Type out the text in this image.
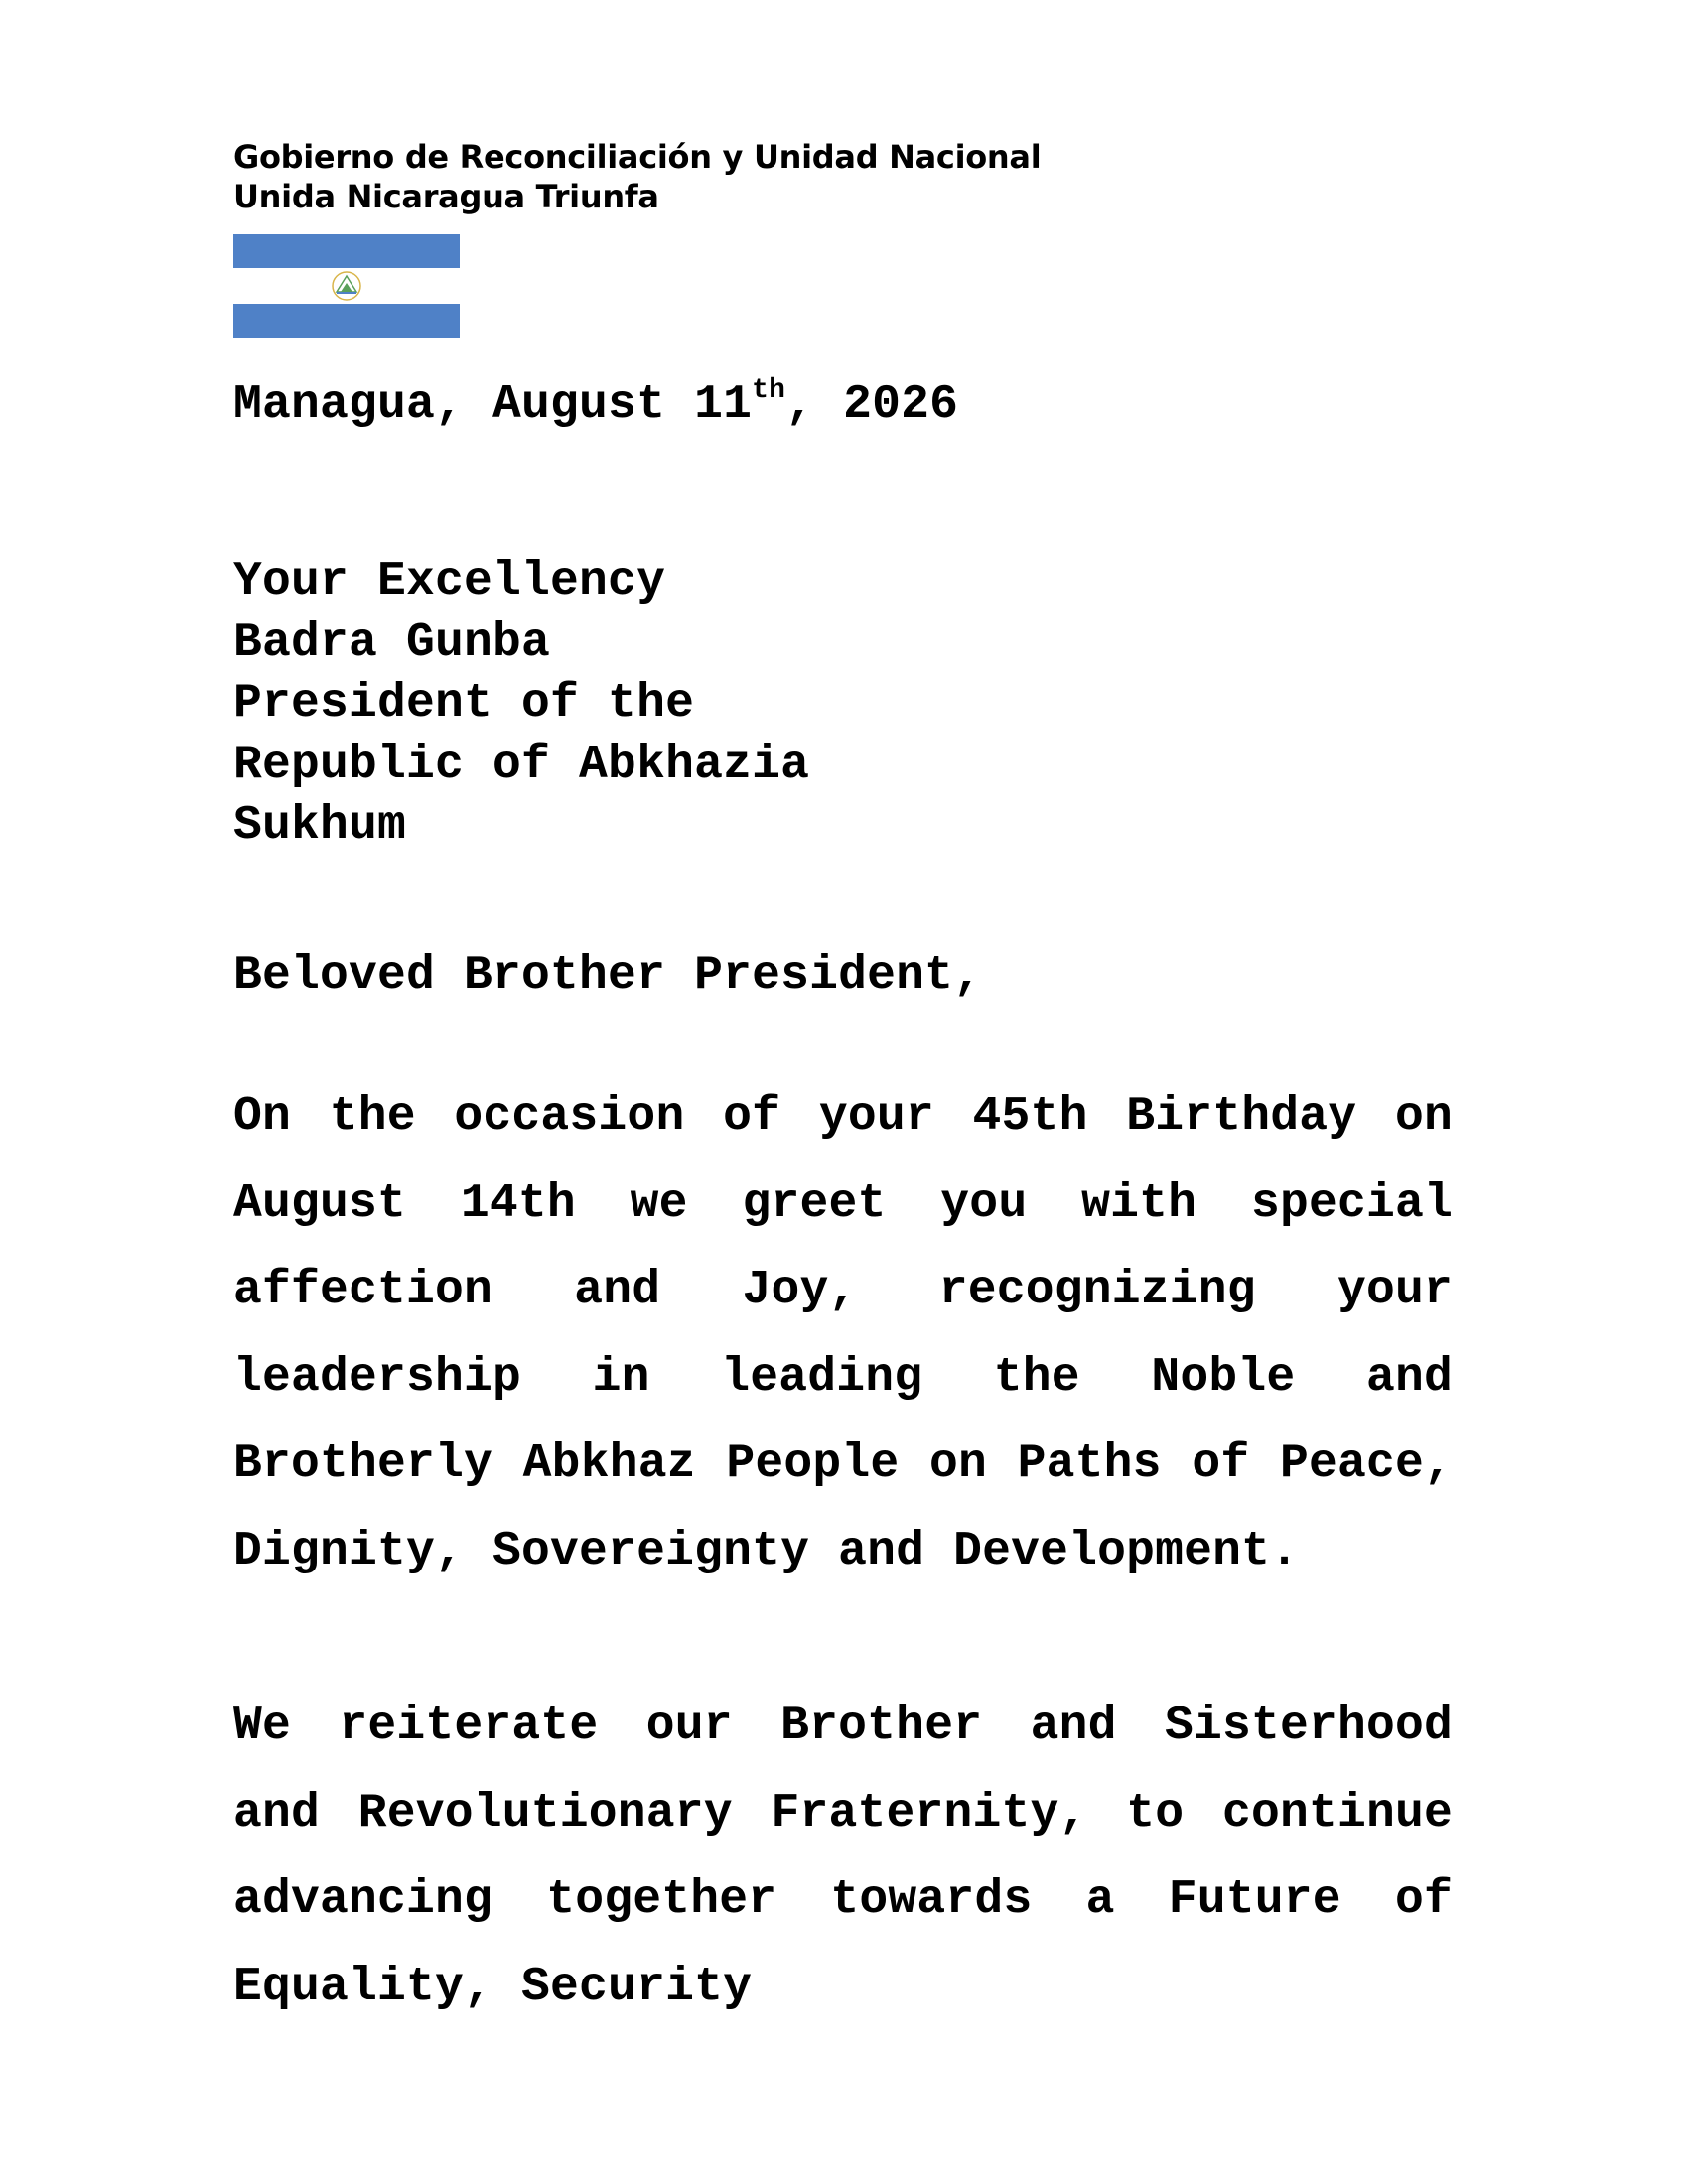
Gobierno de Reconciliación y Unidad Nacional
Unida Nicaragua Triunfa
Managua, August 11th, 2026
Your Excellency
Badra Gunba
President of the
Republic of Abkhazia
Sukhum
Beloved Brother President,

On the occasion of your 45th Birthday on August 14th we greet you with special affection and Joy, recognizing your leadership in leading the Noble and Brotherly Abkhaz People on Paths of Peace, Dignity, Sovereignty and Development.

We reiterate our Brother and Sisterhood and Revolutionary Fraternity, to continue advancing together towards a Future of Equality, Security
